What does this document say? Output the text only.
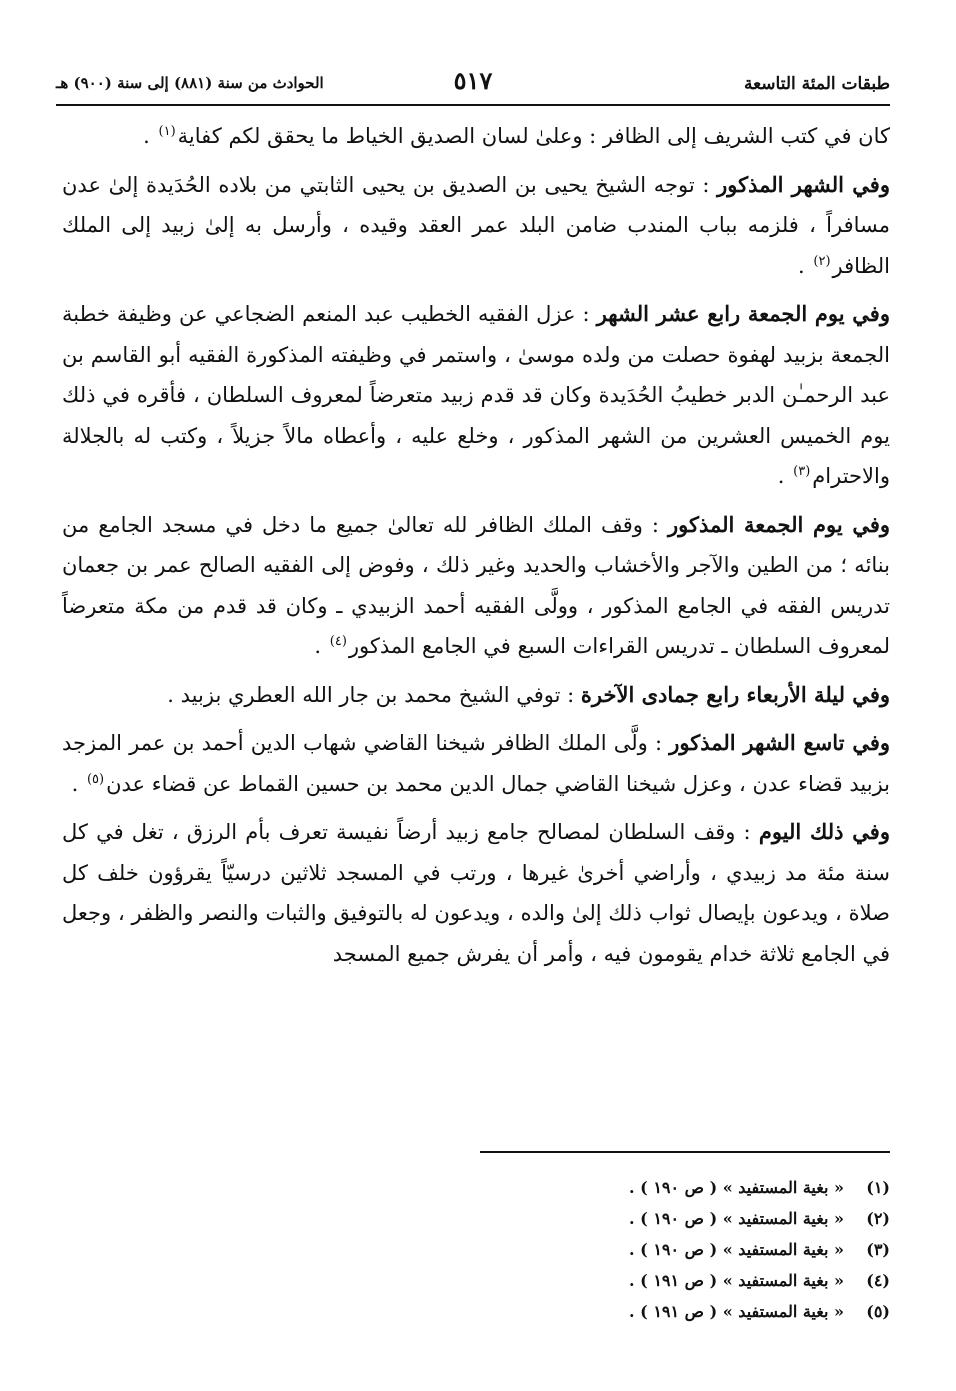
طبقات المئة التاسعة
٥١٧
الحوادث من سنة (٨٨١) إلى سنة (٩٠٠) هـ

كان في كتب الشريف إلى الظافر : وعلىٰ لسان الصديق الخياط ما يحقق لكم كفاية$^{(١)}$ .

وفي الشهر المذكور : توجه الشيخ يحيى بن الصديق بن يحيى الثابتي من بلاده الحُدَيدة إلىٰ عدن مسافراً ، فلزمه بباب المندب ضامن البلد عمر العقد وقيده ، وأرسل به إلىٰ زبيد إلى الملك الظافر$^{(٢)}$ .

وفي يوم الجمعة رابع عشر الشهر : عزل الفقيه الخطيب عبد المنعم الضجاعي عن وظيفة خطبة الجمعة بزبيد لهفوة حصلت من ولده موسىٰ ، واستمر في وظيفته المذكورة الفقيه أبو القاسم بن عبد الرحمـٰن الدبر خطيبُ الحُدَيدة وكان قد قدم زبيد متعرضاً لمعروف السلطان ، فأقره في ذلك يوم الخميس العشرين من الشهر المذكور ، وخلع عليه ، وأعطاه مالاً جزيلاً ، وكتب له بالجلالة والاحترام$^{(٣)}$ .

وفي يوم الجمعة المذكور : وقف الملك الظافر لله تعالىٰ جميع ما دخل في مسجد الجامع من بنائه ؛ من الطين والآجر والأخشاب والحديد وغير ذلك ، وفوض إلى الفقيه الصالح عمر بن جعمان تدريس الفقه في الجامع المذكور ، وولَّى الفقيه أحمد الزبيدي ـ وكان قد قدم من مكة متعرضاً لمعروف السلطان ـ تدريس القراءات السبع في الجامع المذكور$^{(٤)}$ .

وفي ليلة الأربعاء رابع جمادى الآخرة : توفي الشيخ محمد بن جار الله العطري بزبيد .

وفي تاسع الشهر المذكور : ولَّى الملك الظافر شيخنا القاضي شهاب الدين أحمد بن عمر المزجد بزبيد قضاء عدن ، وعزل شيخنا القاضي جمال الدين محمد بن حسين القماط عن قضاء عدن$^{(٥)}$ .

وفي ذلك اليوم : وقف السلطان لمصالح جامع زبيد أرضاً نفيسة تعرف بأم الرزق ، تغل في كل سنة مئة مد زبيدي ، وأراضي أخرىٰ غيرها ، ورتب في المسجد ثلاثين درسيّاً يقرؤون خلف كل صلاة ، ويدعون بإيصال ثواب ذلك إلىٰ والده ، ويدعون له بالتوفيق والثبات والنصر والظفر ، وجعل في الجامع ثلاثة خدام يقومون فيه ، وأمر أن يفرش جميع المسجد

(١)« بغية المستفيد » ( ص ١٩٠ ) .
(٢)« بغية المستفيد » ( ص ١٩٠ ) .
(٣)« بغية المستفيد » ( ص ١٩٠ ) .
(٤)« بغية المستفيد » ( ص ١٩١ ) .
(٥)« بغية المستفيد » ( ص ١٩١ ) .
